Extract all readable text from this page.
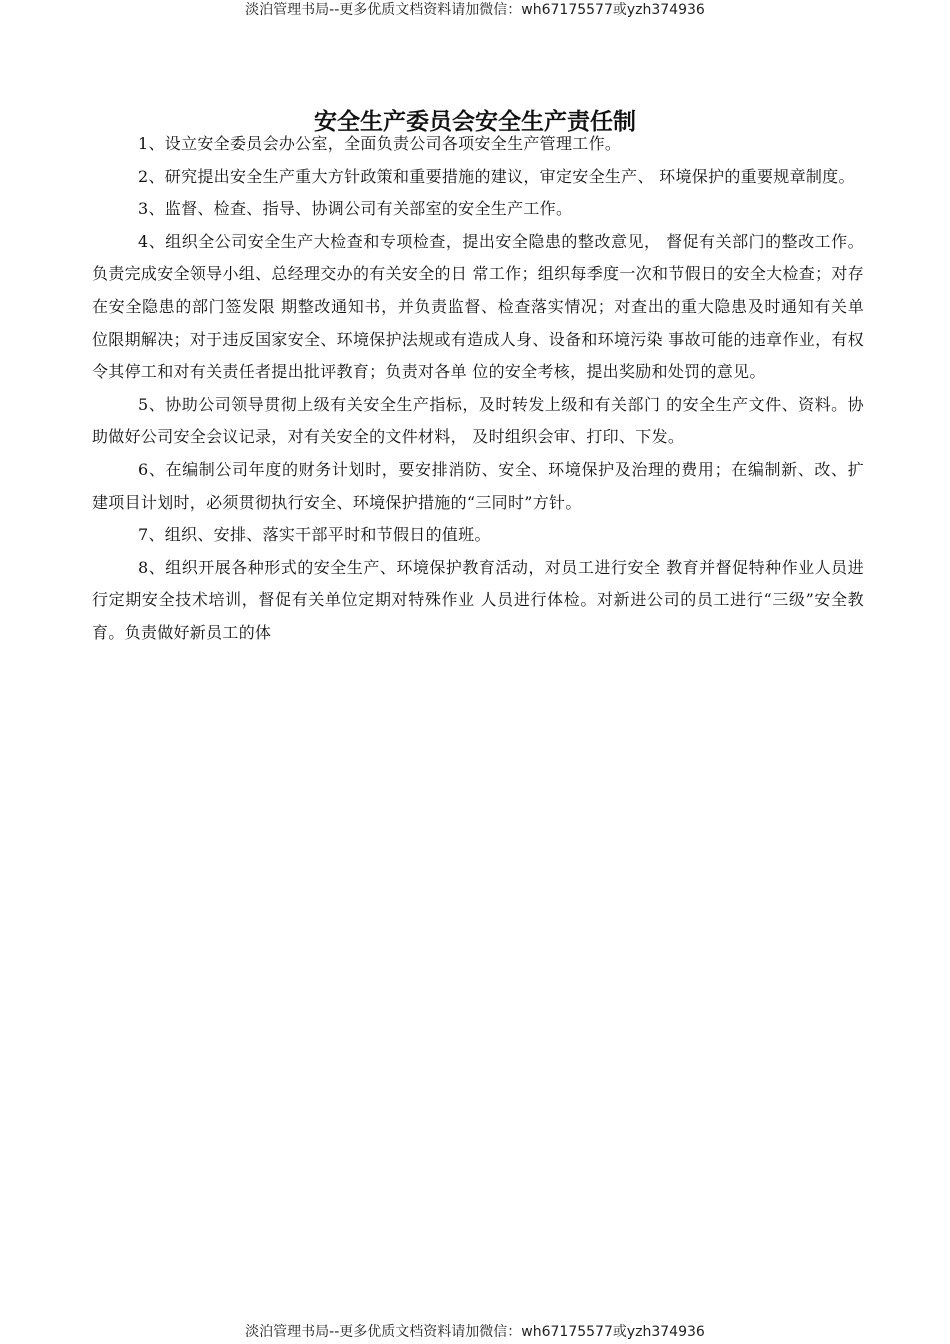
淡泊管理书局--更多优质文档资料请加微信：wh67175577或yzh374936
安全生产委员会安全生产责任制

1、设立安全委员会办公室，全面负责公司各项安全生产管理工作。

2、研究提出安全生产重大方针政策和重要措施的建议，审定安全生产、 环境保护的重要规章制度。

3、监督、检查、指导、协调公司有关部室的安全生产工作。

4、组织全公司安全生产大检查和专项检查，提出安全隐患的整改意见， 督促有关部门的整改工作。负责完成安全领导小组、总经理交办的有关安全的日 常工作；组织每季度一次和节假日的安全大检查；对存在安全隐患的部门签发限 期整改通知书，并负责监督、检查落实情况；对查出的重大隐患及时通知有关单 位限期解决；对于违反国家安全、环境保护法规或有造成人身、设备和环境污染 事故可能的违章作业，有权令其停工和对有关责任者提出批评教育；负责对各单 位的安全考核，提出奖励和处罚的意见。

5、协助公司领导贯彻上级有关安全生产指标，及时转发上级和有关部门 的安全生产文件、资料。协助做好公司安全会议记录，对有关安全的文件材料， 及时组织会审、打印、下发。

6、在编制公司年度的财务计划时，要安排消防、安全、环境保护及治理的费用；在编制新、改、扩建项目计划时，必须贯彻执行安全、环境保护措施的“三同时”方针。

7、组织、安排、落实干部平时和节假日的值班。

8、组织开展各种形式的安全生产、环境保护教育活动，对员工进行安全 教育并督促特种作业人员进行定期安全技术培训，督促有关单位定期对特殊作业 人员进行体检。对新进公司的员工进行“三级”安全教育。负责做好新员工的体

淡泊管理书局--更多优质文档资料请加微信：wh67175577或yzh374936
